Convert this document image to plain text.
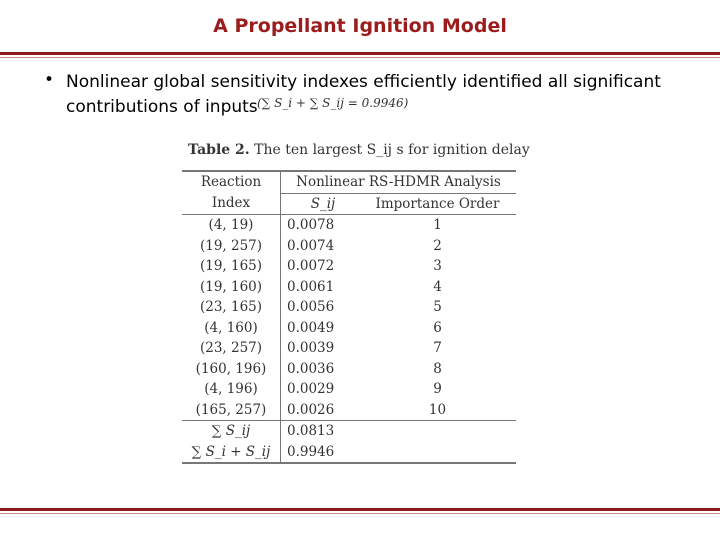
A Propellant Ignition Model
• Nonlinear global sensitivity indexes efficiently identified all significant contributions of inputs (∑ S_i + ∑ S_ij = 0.9946)
Table 2. The ten largest S_ij s for ignition delay
Reaction	Nonlinear RS-HDMR Analysis	
Index	S_ij	Importance Order
(4, 19)	0.0078	1
(19, 257)	0.0074	2
(19, 165)	0.0072	3
(19, 160)	0.0061	4
(23, 165)	0.0056	5
(4, 160)	0.0049	6
(23, 257)	0.0039	7
(160, 196)	0.0036	8
(4, 196)	0.0029	9
(165, 257)	0.0026	10
∑ S_ij	0.0813	
∑ S_i + S_ij	0.9946	
